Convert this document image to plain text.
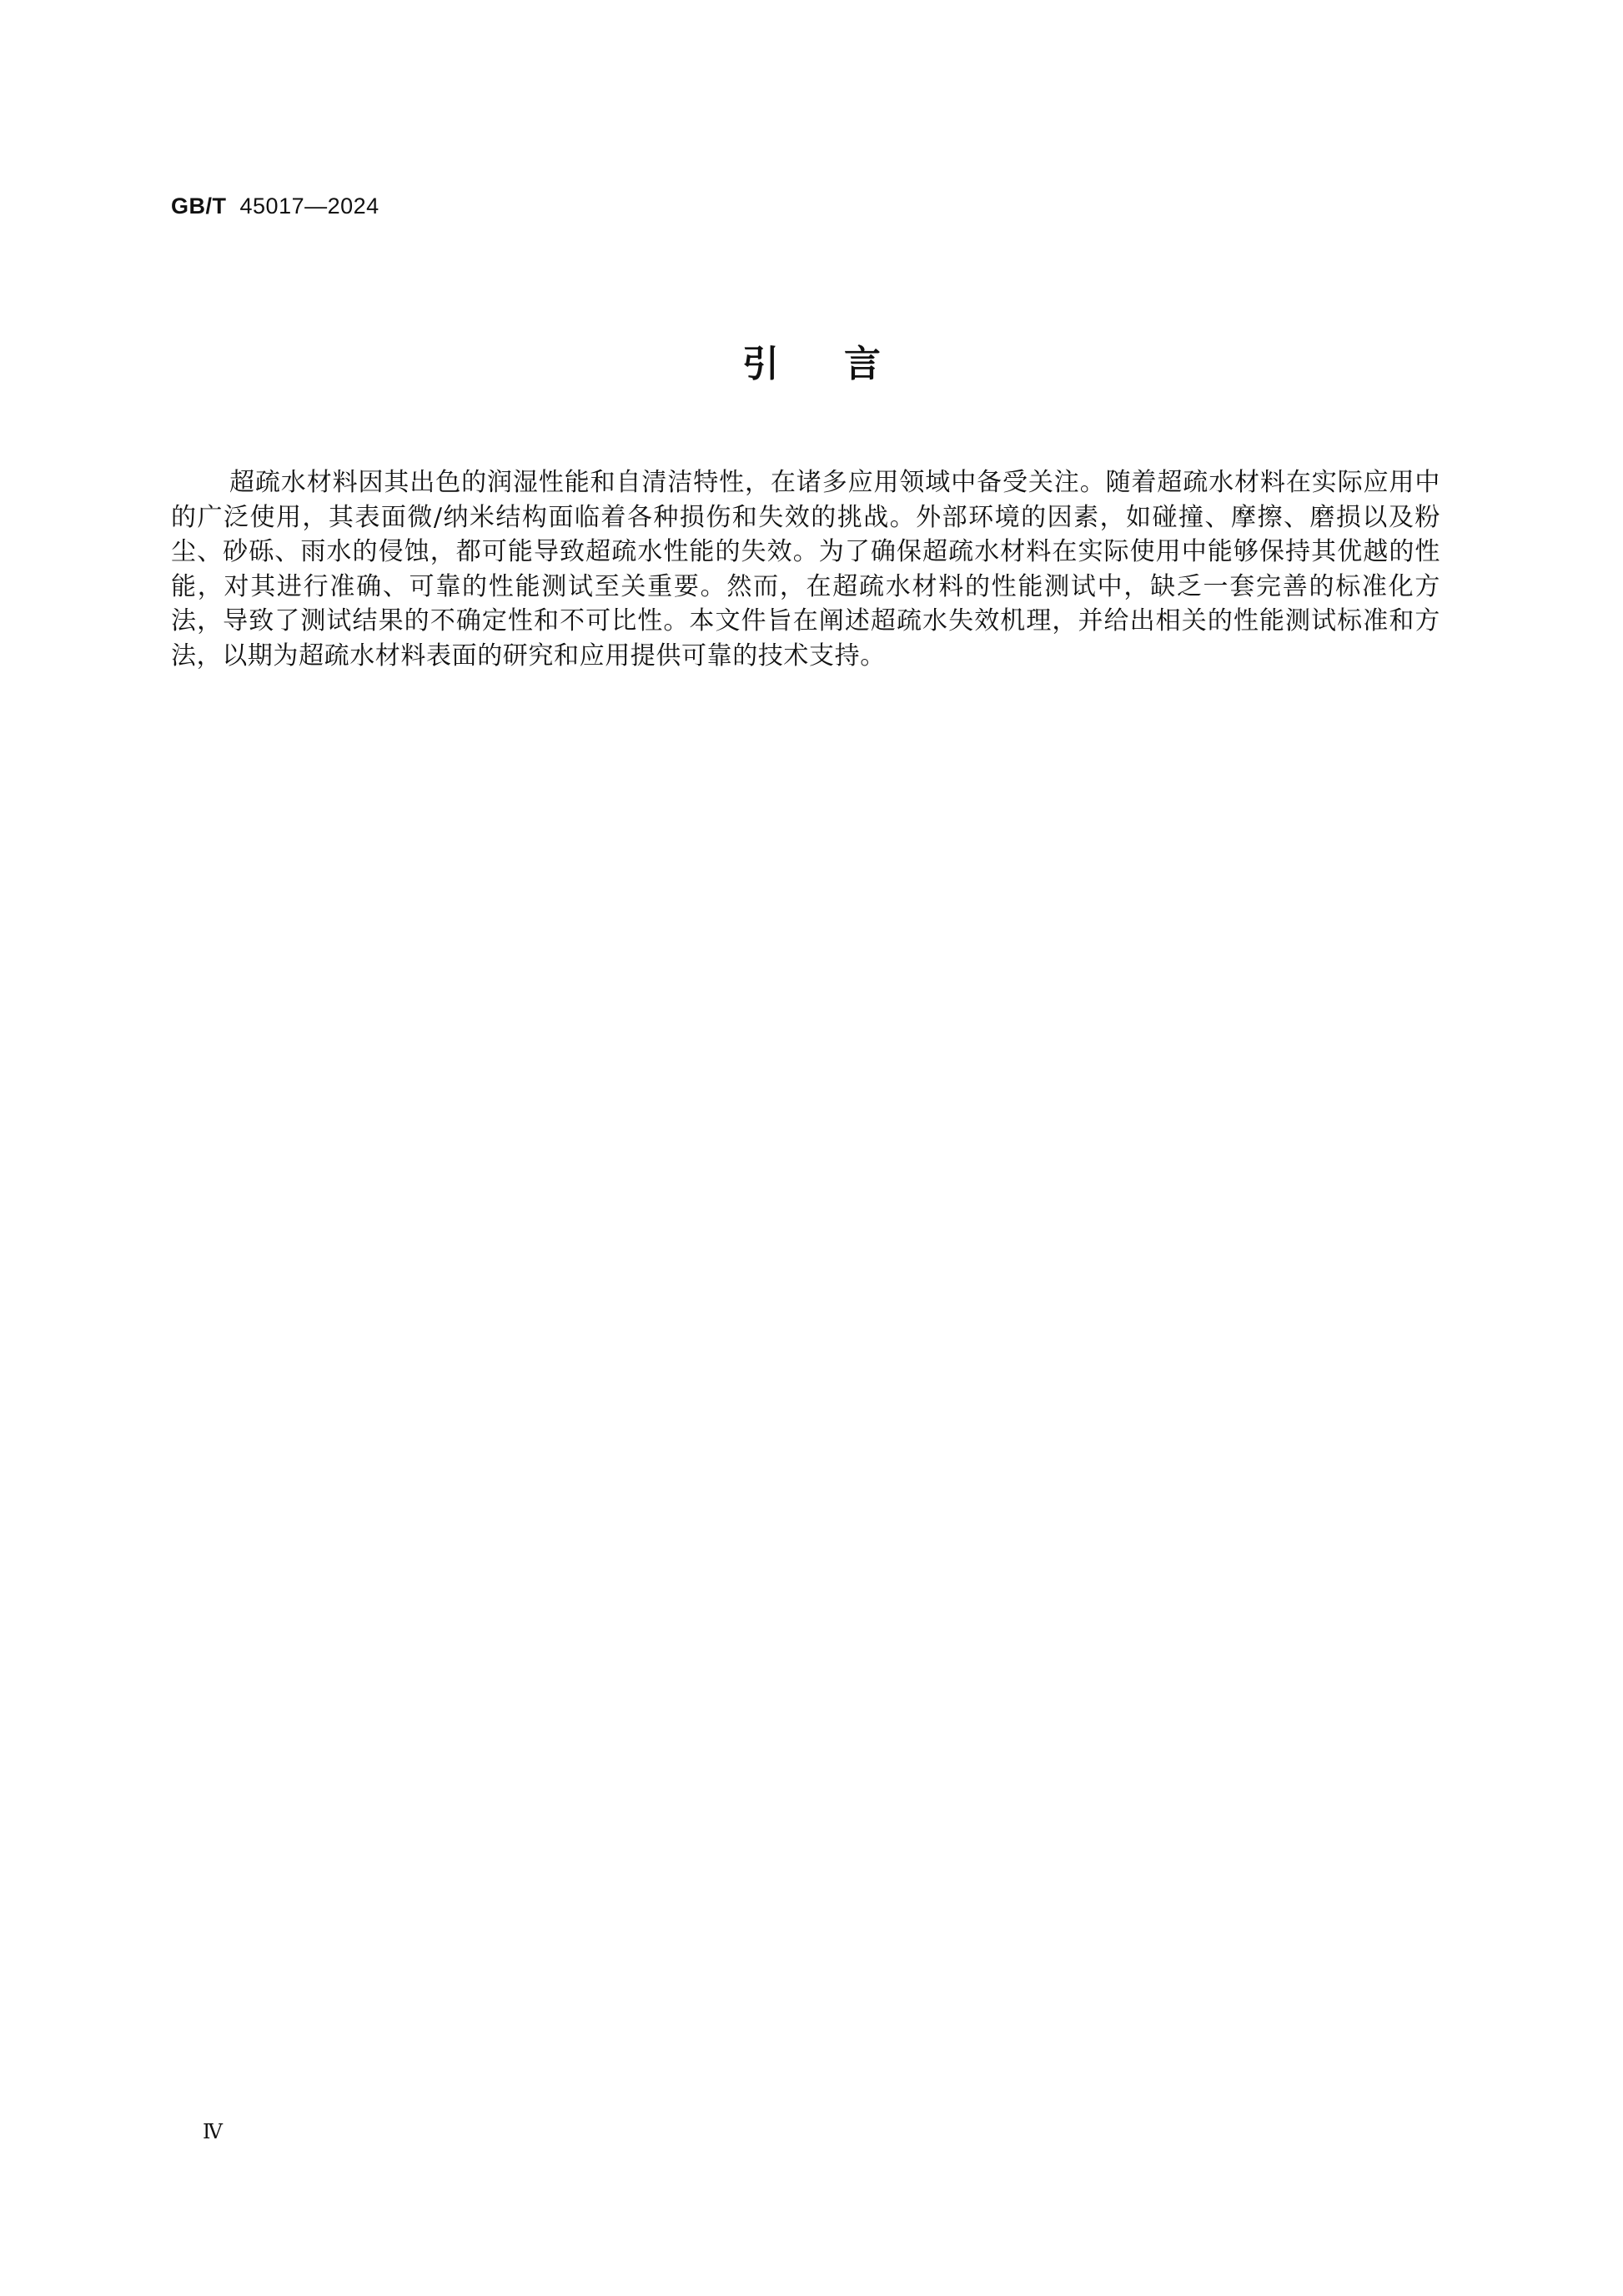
GB/T 45017—2024
引言

超疏水材料因其出色的润湿性能和自清洁特性，在诸多应用领域中备受关注。随着超疏水材料在实际应用中的广泛使用，其表面微/纳米结构面临着各种损伤和失效的挑战。外部环境的因素，如碰撞、摩擦、磨损以及粉尘、砂砾、雨水的侵蚀，都可能导致超疏水性能的失效。为了确保超疏水材料在实际使用中能够保持其优越的性能，对其进行准确、可靠的性能测试至关重要。然而，在超疏水材料的性能测试中，缺乏一套完善的标准化方法，导致了测试结果的不确定性和不可比性。本文件旨在阐述超疏水失效机理，并给出相关的性能测试标准和方法，以期为超疏水材料表面的研究和应用提供可靠的技术支持。

Ⅳ
